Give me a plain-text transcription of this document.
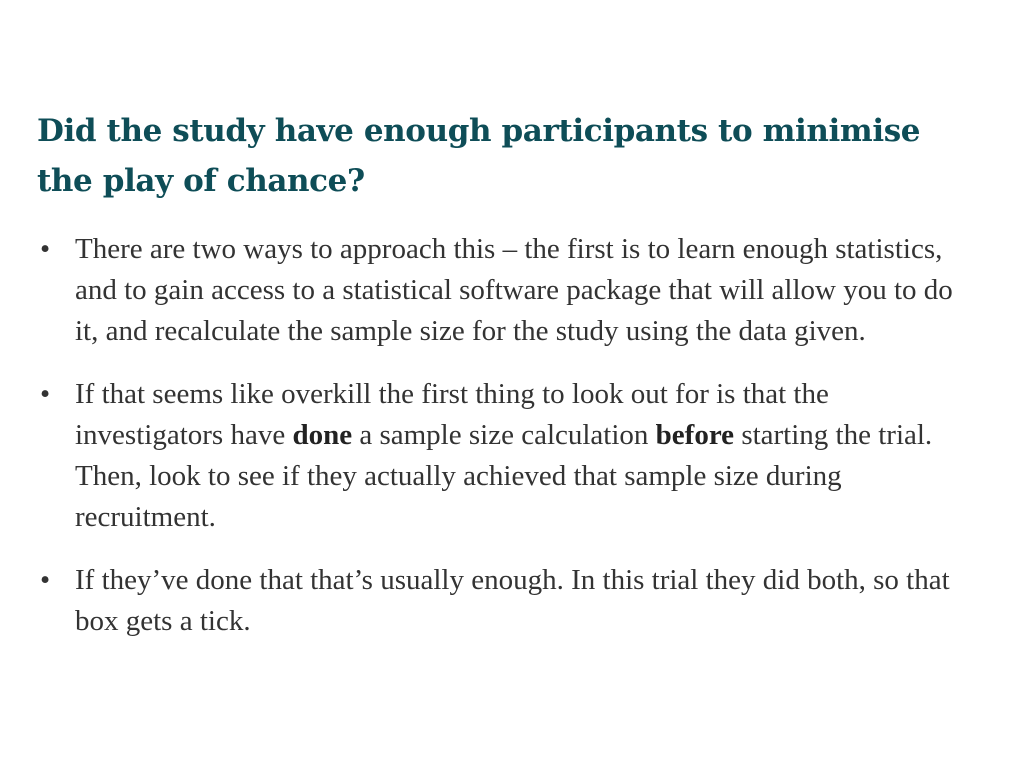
Did the study have enough participants to minimise the play of chance?
• There are two ways to approach this – the first is to learn enough statistics, and to gain access to a statistical software package that will allow you to do it, and recalculate the sample size for the study using the data given.
• If that seems like overkill the first thing to look out for is that the investigators have done a sample size calculation before starting the trial. Then, look to see if they actually achieved that sample size during recruitment.
• If they’ve done that that’s usually enough. In this trial they did both, so that box gets a tick.
